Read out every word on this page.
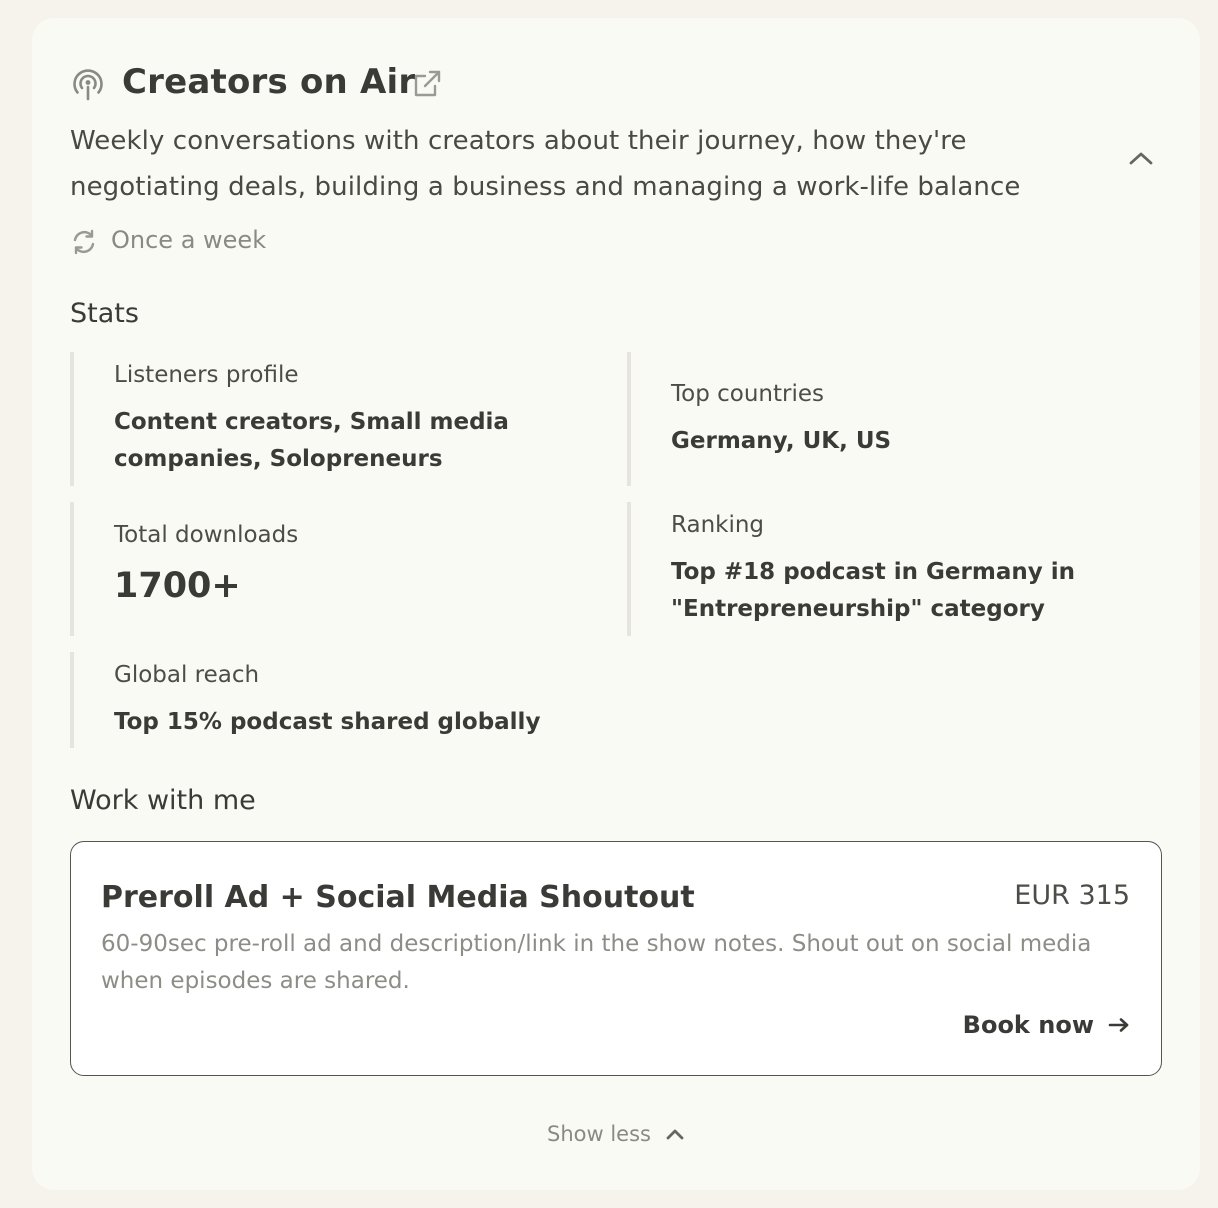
Creators on Air
Weekly conversations with creators about their journey, how they're negotiating deals, building a business and managing a work-life balance
Once a week
Stats
Listeners profile
Content creators, Small media companies, Solopreneurs
Top countries
Germany, UK, US
Total downloads
1700+
Ranking
Top #18 podcast in Germany in "Entrepreneurship" category
Global reach
Top 15% podcast shared globally
Work with me
Preroll Ad + Social Media Shoutout	EUR 315
60-90sec pre-roll ad and description/link in the show notes. Shout out on social media when episodes are shared.
Book now
Show less
